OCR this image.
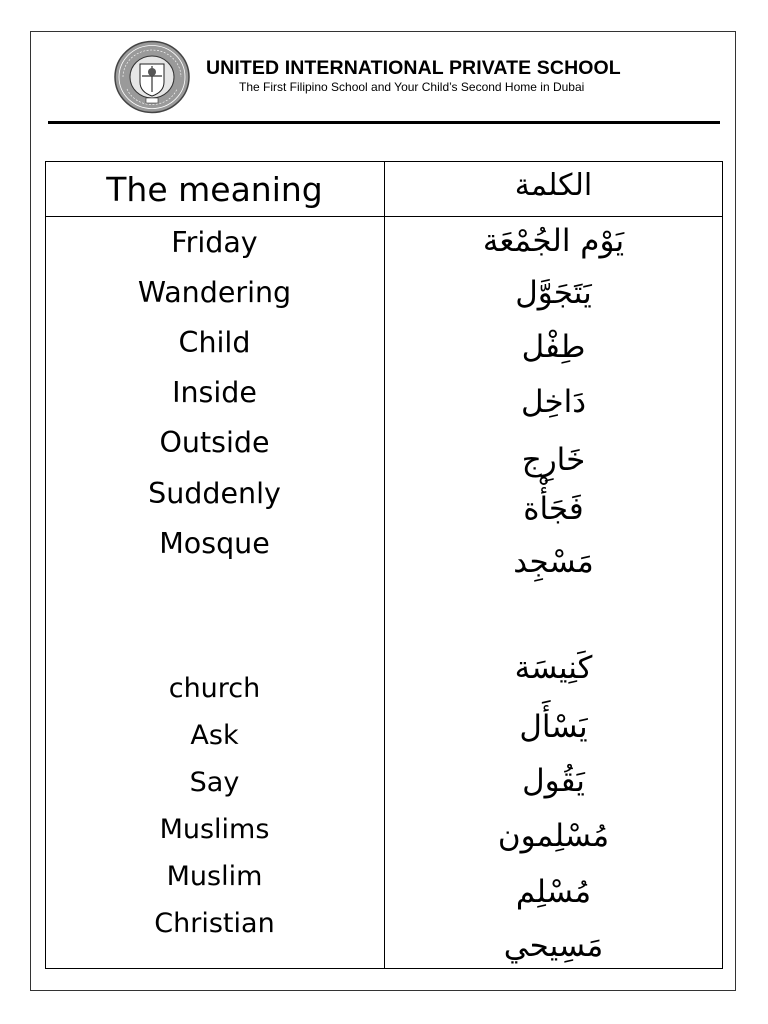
UNITED INTERNATIONAL PRIVATE SCHOOL
The First Filipino School and Your Child’s Second Home in Dubai
The meaning	الكلمة
Friday
Wandering
Child
Inside
Outside
Suddenly
Mosque
church
Ask
Say
Muslims
Muslim
Christian
يَوْم الجُمْعَة
يَتَجَوَّل
طِفْل
دَاخِل
خَارِج
فَجَأْة
مَسْجِد
كَنِيسَة
يَسْأَل
يَقُول
مُسْلِمون
مُسْلِم
مَسِيحي
